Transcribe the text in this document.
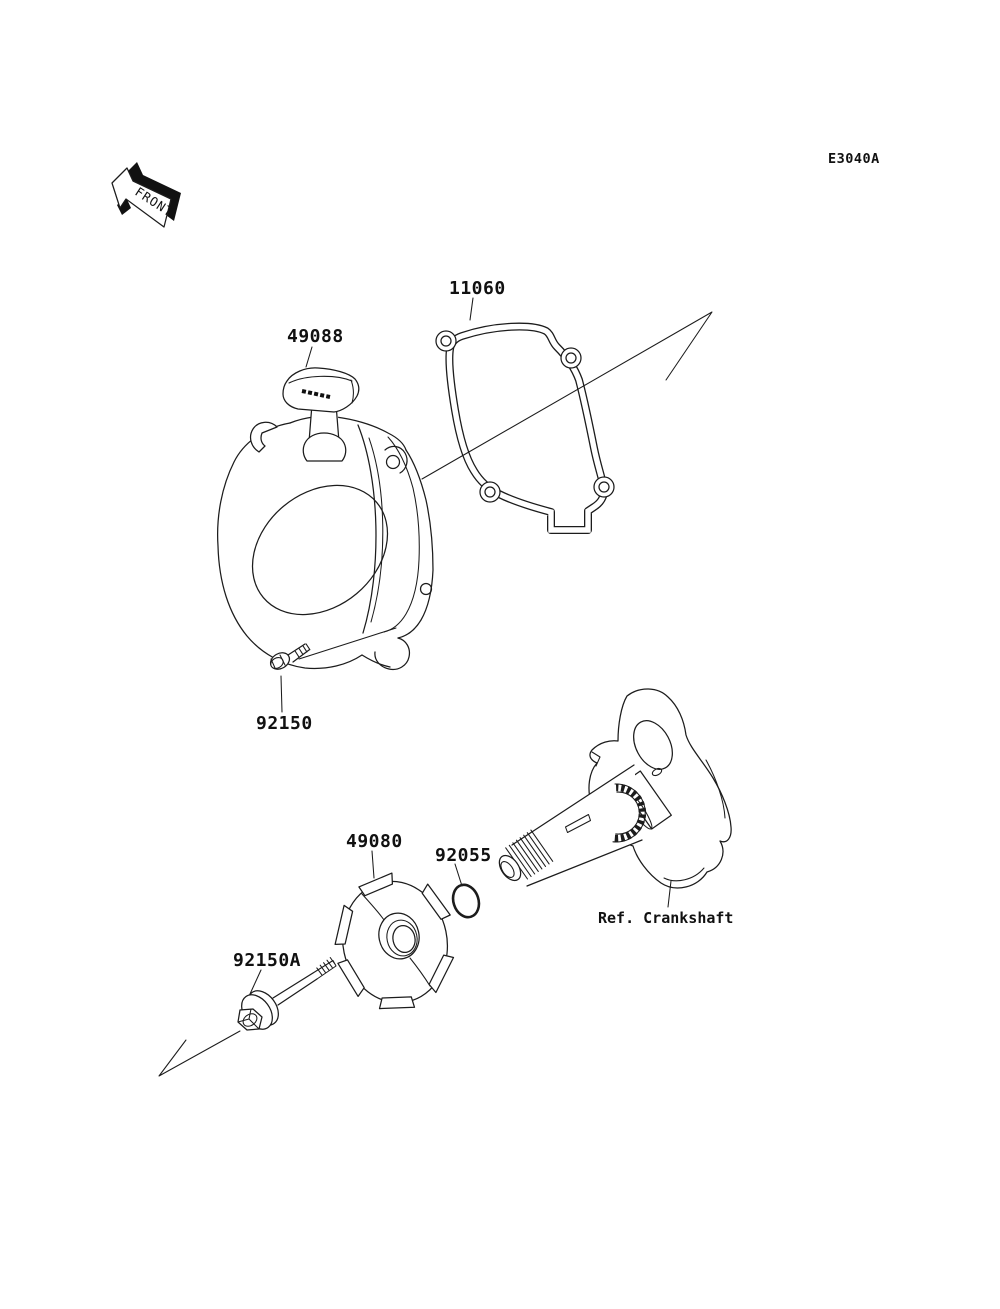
FRONT
E3040A
49088
11060
92150
49080
92055
92150A
Ref. Crankshaft
